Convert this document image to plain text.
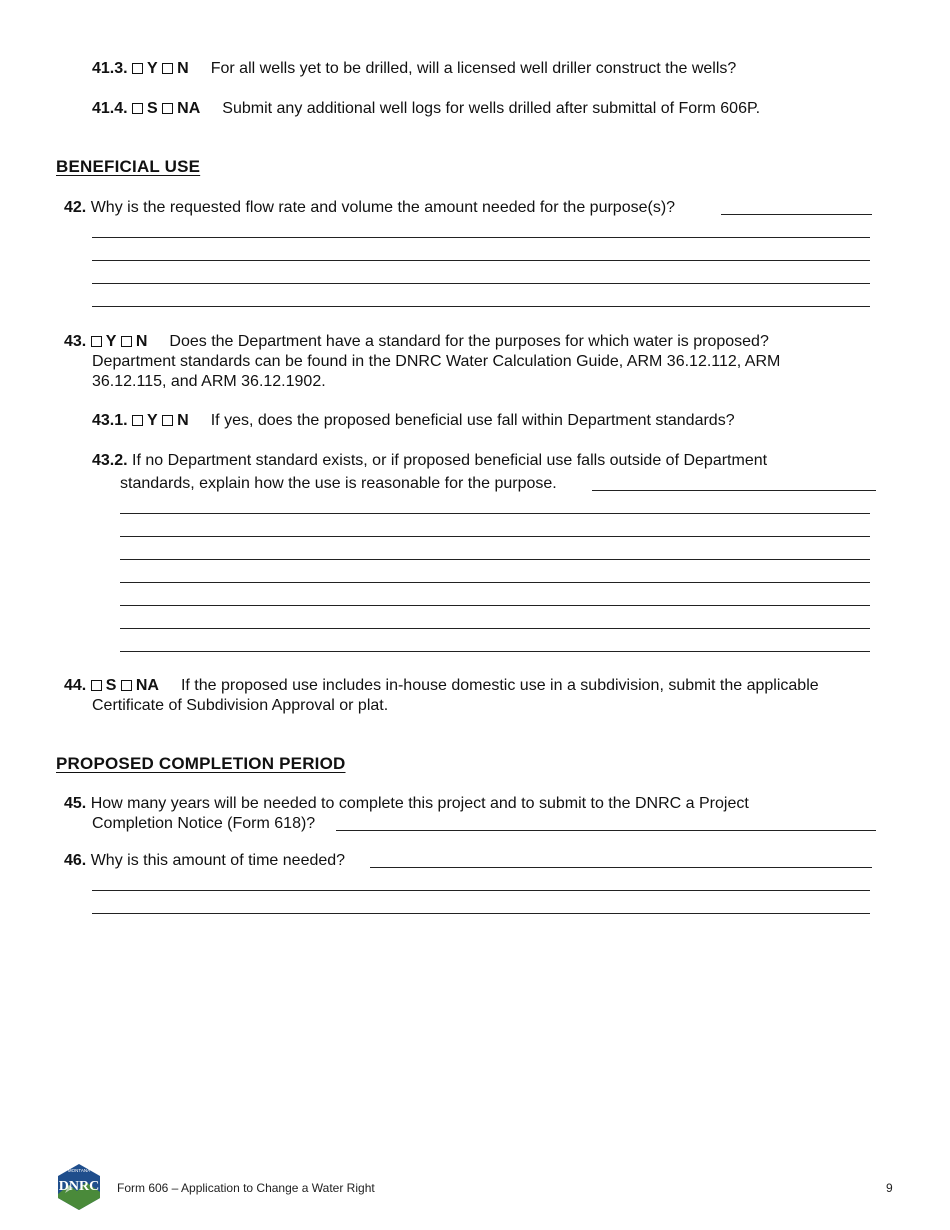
41.3. Y N For all wells yet to be drilled, will a licensed well driller construct the wells?
41.4. S NA Submit any additional well logs for wells drilled after submittal of Form 606P.
BENEFICIAL USE
42. Why is the requested flow rate and volume the amount needed for the purpose(s)?
43. Y N Does the Department have a standard for the purposes for which water is proposed?
Department standards can be found in the DNRC Water Calculation Guide, ARM 36.12.112, ARM
36.12.115, and ARM 36.12.1902.
43.1. Y N If yes, does the proposed beneficial use fall within Department standards?
43.2. If no Department standard exists, or if proposed beneficial use falls outside of Department
standards, explain how the use is reasonable for the purpose.
44. S NA If the proposed use includes in-house domestic use in a subdivision, submit the applicable
Certificate of Subdivision Approval or plat.
PROPOSED COMPLETION PERIOD
45. How many years will be needed to complete this project and to submit to the DNRC a Project
Completion Notice (Form 618)?
46. Why is this amount of time needed?
MONTANA
DNRC Form 606 – Application to Change a Water Right	9
